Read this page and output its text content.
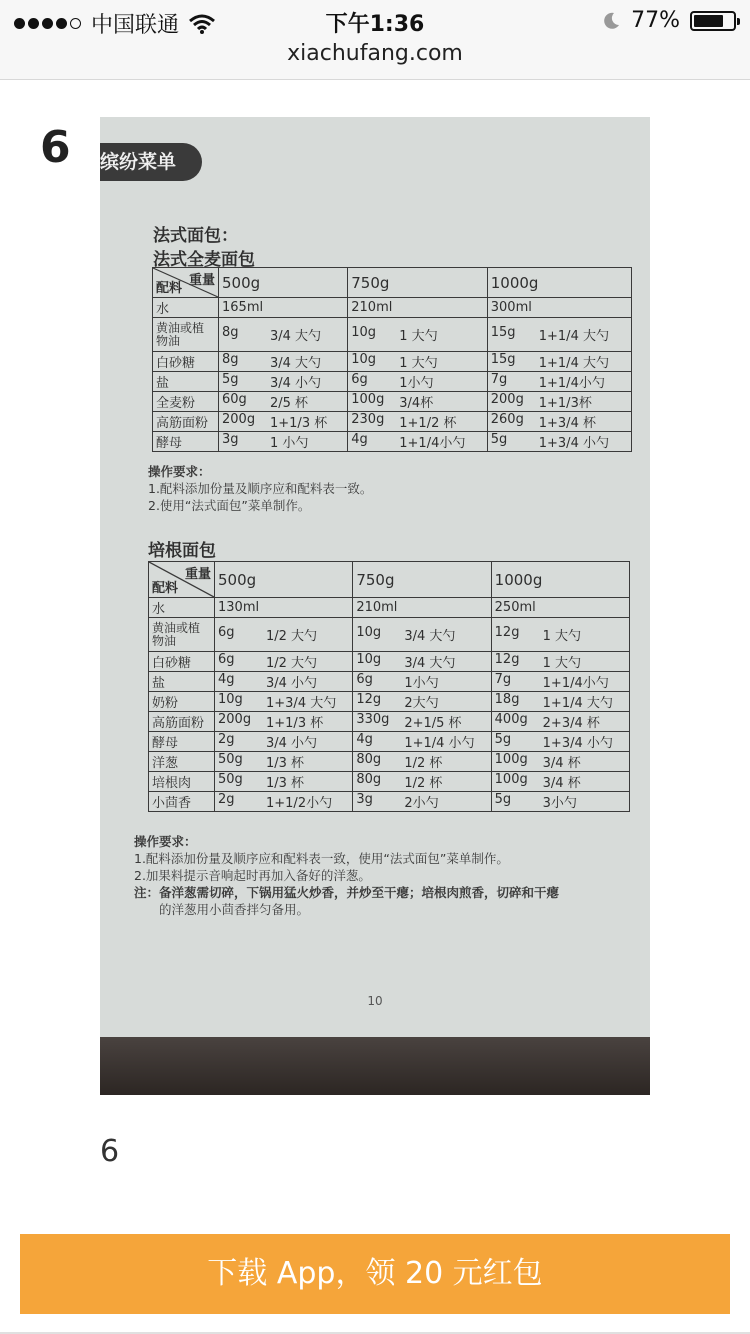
中国联通	下午1:36	77%
xiachufang.com
6	缤纷菜单
法式面包：
法式全麦面包
重量
配料	500g	750g	1000g
水	165ml	210ml	300ml

黄油或植物油	8g 3/4 大勺	10g 1 大勺	15g 1+1/4 大勺

白砂糖	8g 3/4 大勺	10g 1 大勺	15g 1+1/4 大勺

盐	5g 3/4 小勺	6g 1小勺	7g 1+1/4小勺

全麦粉	60g 2/5 杯	100g 3/4杯	200g 1+1/3杯

高筋面粉	200g 1+1/3 杯	230g 1+1/2 杯	260g 1+3/4 杯

酵母	3g 1 小勺	4g 1+1/4小勺	5g 1+3/4 小勺
操作要求：
1.配料添加份量及顺序应和配料表一致。
2.使用“法式面包”菜单制作。
培根面包
重量
配料	500g	750g	1000g
水	130ml	210ml	250ml

黄油或植物油	6g 1/2 大勺	10g 3/4 大勺	12g 1 大勺

白砂糖	6g 1/2 大勺	10g 3/4 大勺	12g 1 大勺

盐	4g 3/4 小勺	6g 1小勺	7g 1+1/4小勺

奶粉	10g 1+3/4 大勺	12g 2大勺	18g 1+1/4 大勺

高筋面粉	200g 1+1/3 杯	330g 2+1/5 杯	400g 2+3/4 杯

酵母	2g 3/4 小勺	4g 1+1/4 小勺	5g 1+3/4 小勺

洋葱	50g 1/3 杯	80g 1/2 杯	100g 3/4 杯

培根肉	50g 1/3 杯	80g 1/2 杯	100g 3/4 杯

小茴香	2g 1+1/2小勺	3g 2小勺	5g 3小勺
操作要求：
1.配料添加份量及顺序应和配料表一致，使用“法式面包”菜单制作。
2.加果料提示音响起时再加入备好的洋葱。
注：备洋葱需切碎，下锅用猛火炒香，并炒至干瘪；培根肉煎香，切碎和干瘪
　　的洋葱用小茴香拌匀备用。
10
6
下载 App，领 20 元红包
